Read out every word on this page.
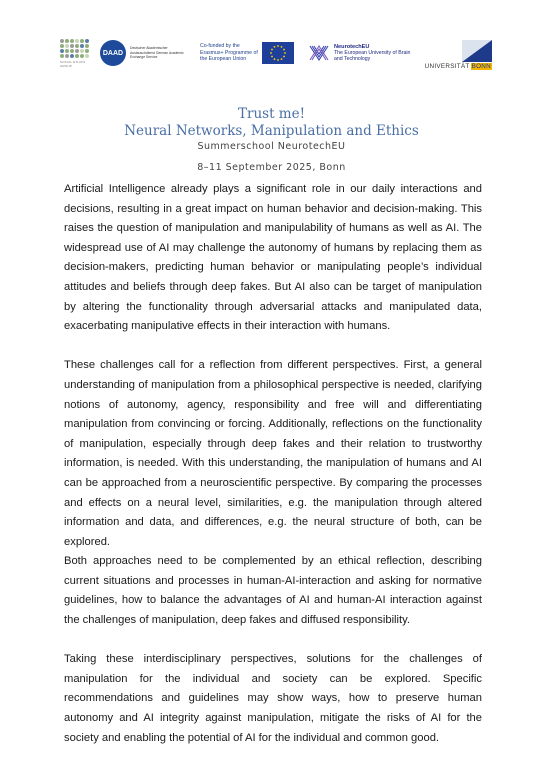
SOCIAL ETHICS GROUP
DAAD
Deutscher Akademischer Austauschdienst German Academic Exchange Service
Co-funded by the Erasmus+ Programme of the European Union
NeurotechEU
The European University of Brain and Technology
UNIVERSITÄT BONN
Trust me!
Neural Networks, Manipulation and Ethics
Summerschool NeurotechEU
8–11 September 2025, Bonn

Artificial Intelligence already plays a significant role in our daily interactions and decisions, resulting in a great impact on human behavior and decision-making. This raises the question of manipulation and manipulability of humans as well as AI. The widespread use of AI may challenge the autonomy of humans by replacing them as decision-makers, predicting human behavior or manipulating people’s individual attitudes and beliefs through deep fakes. But AI also can be target of manipulation by altering the functionality through adversarial attacks and manipulated data, exacerbating manipulative effects in their interaction with humans.

These challenges call for a reflection from different perspectives. First, a general understanding of manipulation from a philosophical perspective is needed, clarifying notions of autonomy, agency, responsibility and free will and differentiating manipulation from convincing or forcing. Additionally, reflections on the functionality of manipulation, especially through deep fakes and their relation to trustworthy information, is needed. With this understanding, the manipulation of humans and AI can be approached from a neuroscientific perspective. By comparing the processes and effects on a neural level, similarities, e.g. the manipulation through altered information and data, and differences, e.g. the neural structure of both, can be explored.

Both approaches need to be complemented by an ethical reflection, describing current situations and processes in human-AI-interaction and asking for normative guidelines, how to balance the advantages of AI and human-AI interaction against the challenges of manipulation, deep fakes and diffused responsibility.

Taking these interdisciplinary perspectives, solutions for the challenges of manipulation for the individual and society can be explored. Specific recommendations and guidelines may show ways, how to preserve human autonomy and AI integrity against manipulation, mitigate the risks of AI for the society and enabling the potential of AI for the individual and common good.
